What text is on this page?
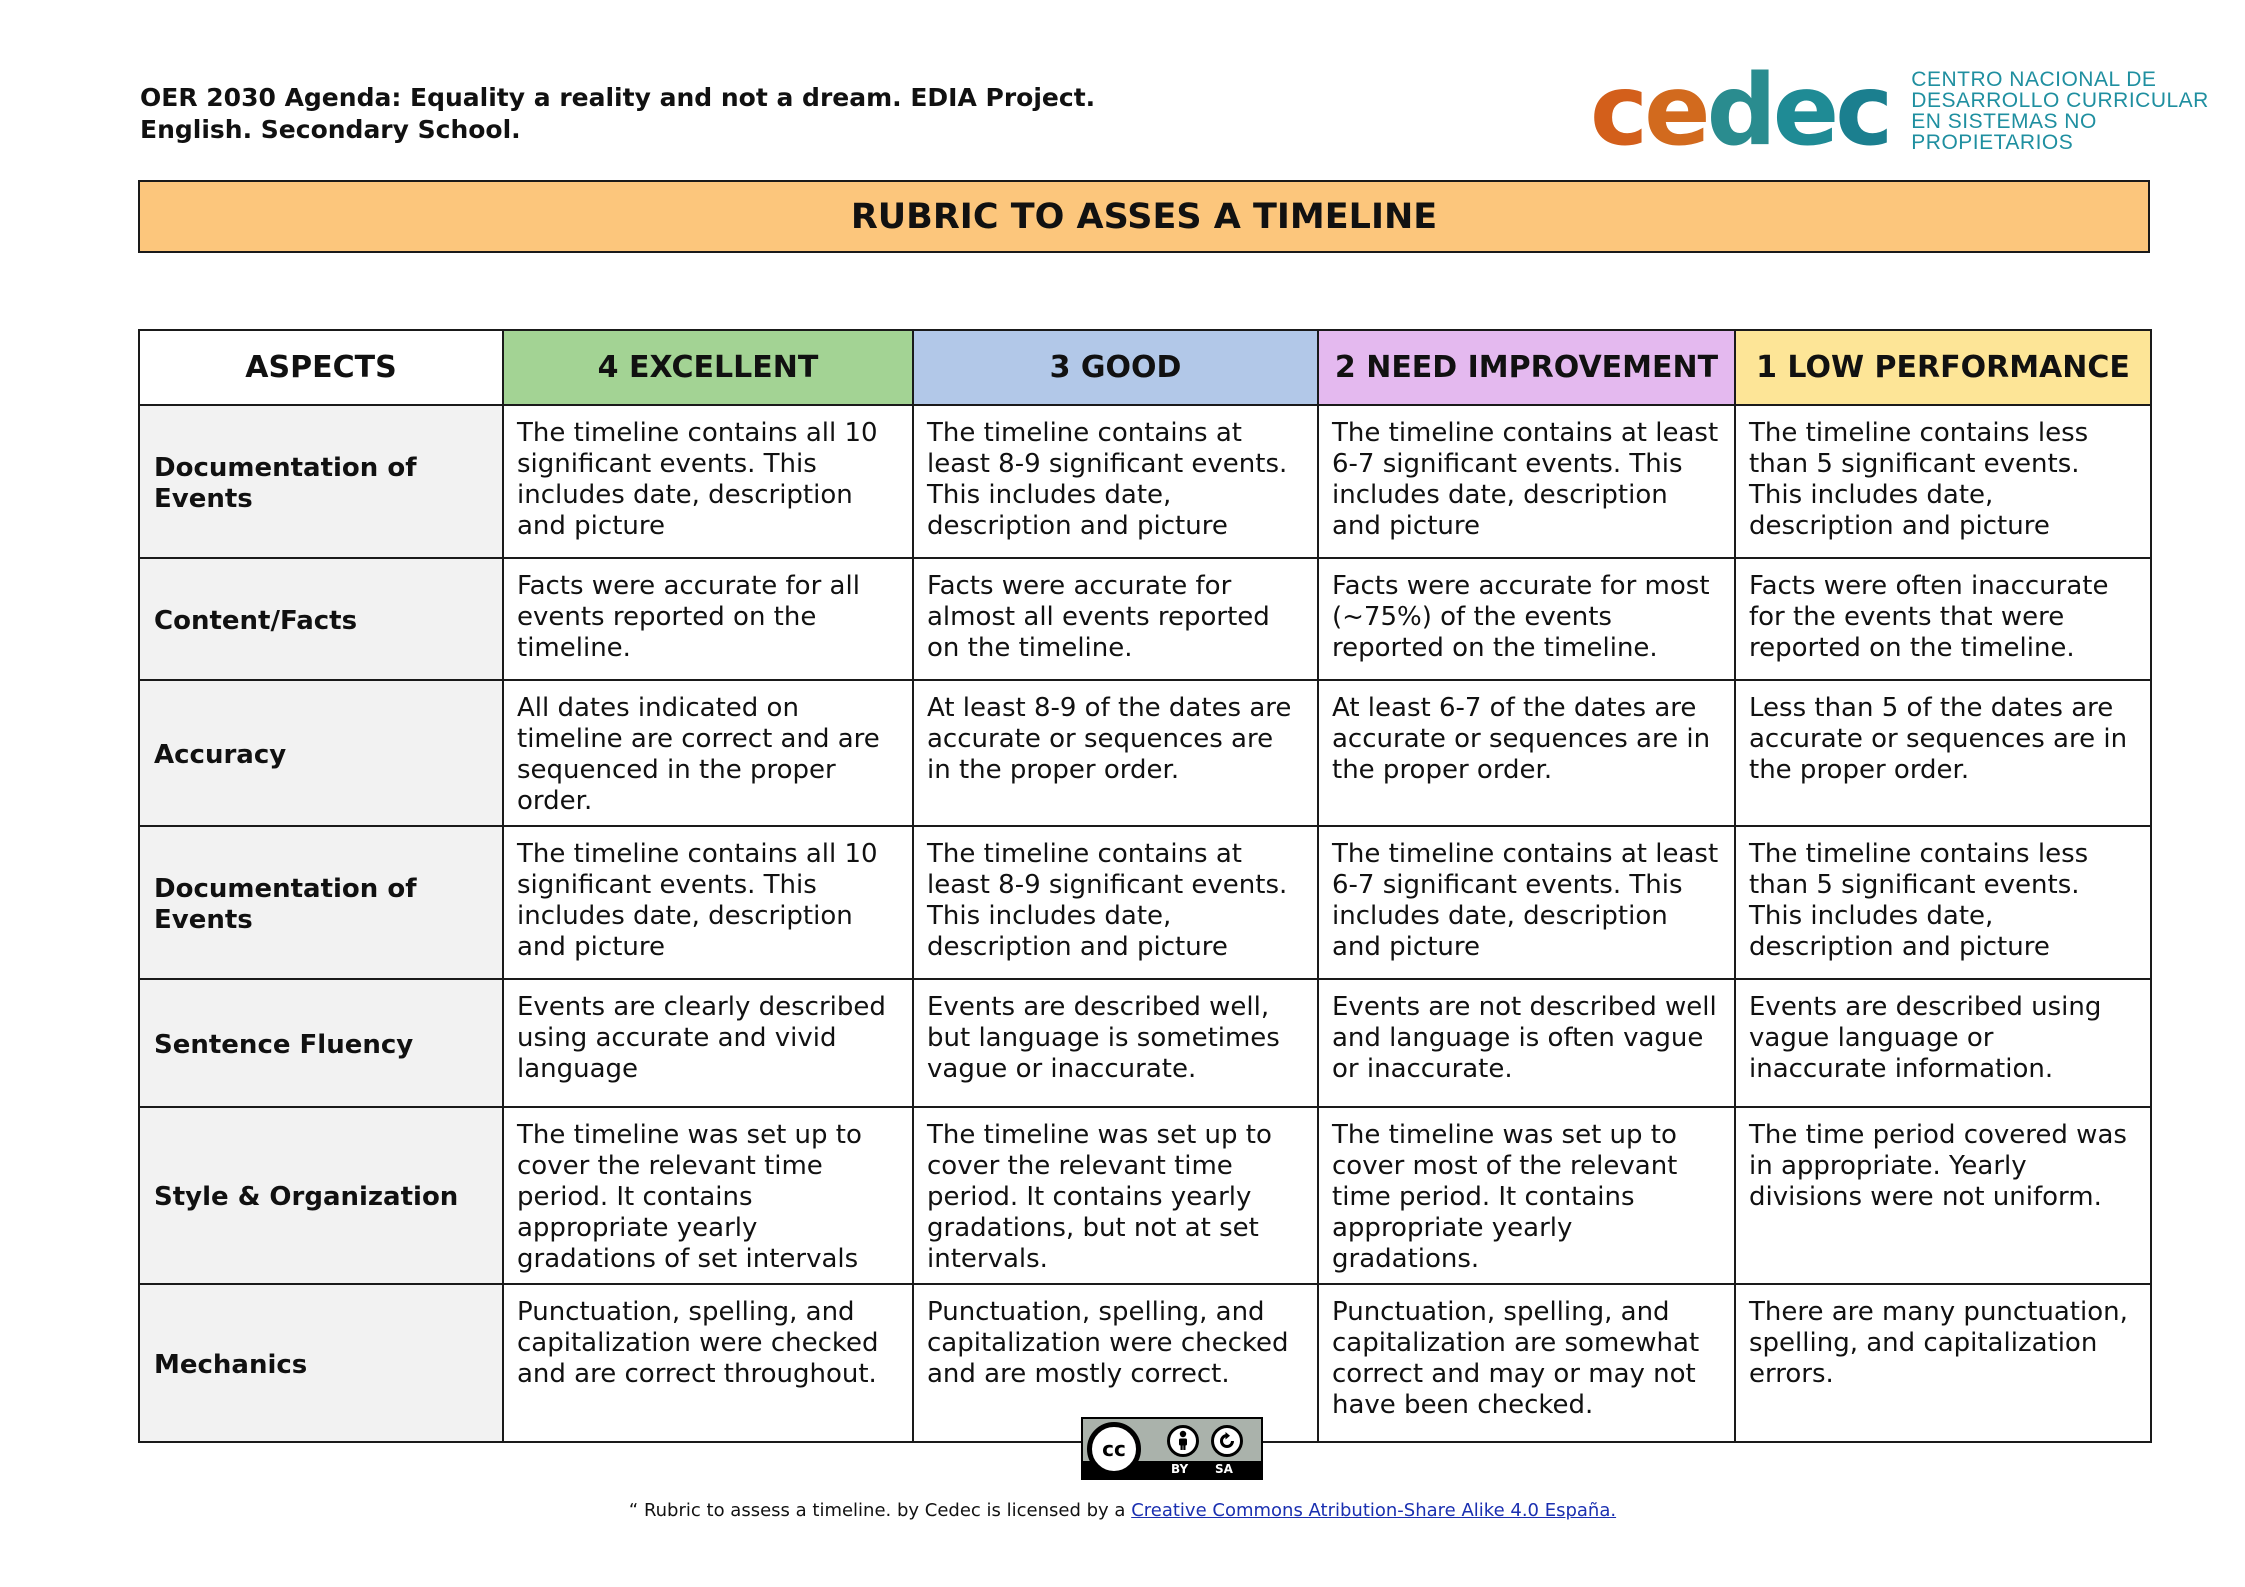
OER 2030 Agenda: Equality a reality and not a dream. EDIA Project.
English. Secondary School.	cedec CENTRO NACIONAL DE
DESARROLLO CURRICULAR
EN SISTEMAS NO PROPIETARIOS
RUBRIC TO ASSES A TIMELINE
ASPECTS	4 EXCELLENT	3 GOOD	2 NEED IMPROVEMENT	1 LOW PERFORMANCE
Documentation of Events	The timeline contains all 10 significant events. This includes date, description and picture	The timeline contains at least 8-9 significant events. This includes date, description and picture	The timeline contains at least 6-7 significant events. This includes date, description and picture	The timeline contains less than 5 significant events. This includes date, description and picture
Content/Facts	Facts were accurate for all events reported on the timeline.	Facts were accurate for almost all events reported on the timeline.	Facts were accurate for most (~75%) of the events reported on the timeline.	Facts were often inaccurate for the events that were reported on the timeline.
Accuracy	All dates indicated on timeline are correct and are sequenced in the proper order.	At least 8-9 of the dates are accurate or sequences are in the proper order.	At least 6-7 of the dates are accurate or sequences are in the proper order.	Less than 5 of the dates are accurate or sequences are in the proper order.
Documentation of Events	The timeline contains all 10 significant events. This includes date, description and picture	The timeline contains at least 8-9 significant events. This includes date, description and picture	The timeline contains at least 6-7 significant events. This includes date, description and picture	The timeline contains less than 5 significant events. This includes date, description and picture
Sentence Fluency	Events are clearly described using accurate and vivid language	Events are described well, but language is sometimes vague or inaccurate.	Events are not described well and language is often vague or inaccurate.	Events are described using vague language or inaccurate information.
Style & Organization	The timeline was set up to cover the relevant time period. It contains appropriate yearly gradations of set intervals	The timeline was set up to cover the relevant time period. It contains yearly gradations, but not at set intervals.	The timeline was set up to cover most of the relevant time period. It contains appropriate yearly gradations.	The time period covered was in appropriate. Yearly divisions were not uniform.
Mechanics	Punctuation, spelling, and capitalization were checked and are correct throughout.	Punctuation, spelling, and capitalization were checked and are mostly correct.	Punctuation, spelling, and capitalization are somewhat correct and may or may not have been checked.	There are many punctuation, spelling, and capitalization errors.
cc
BY SA
“ Rubric to assess a timeline. by Cedec is licensed by a Creative Commons Atribution-Share Alike 4.0 España.
